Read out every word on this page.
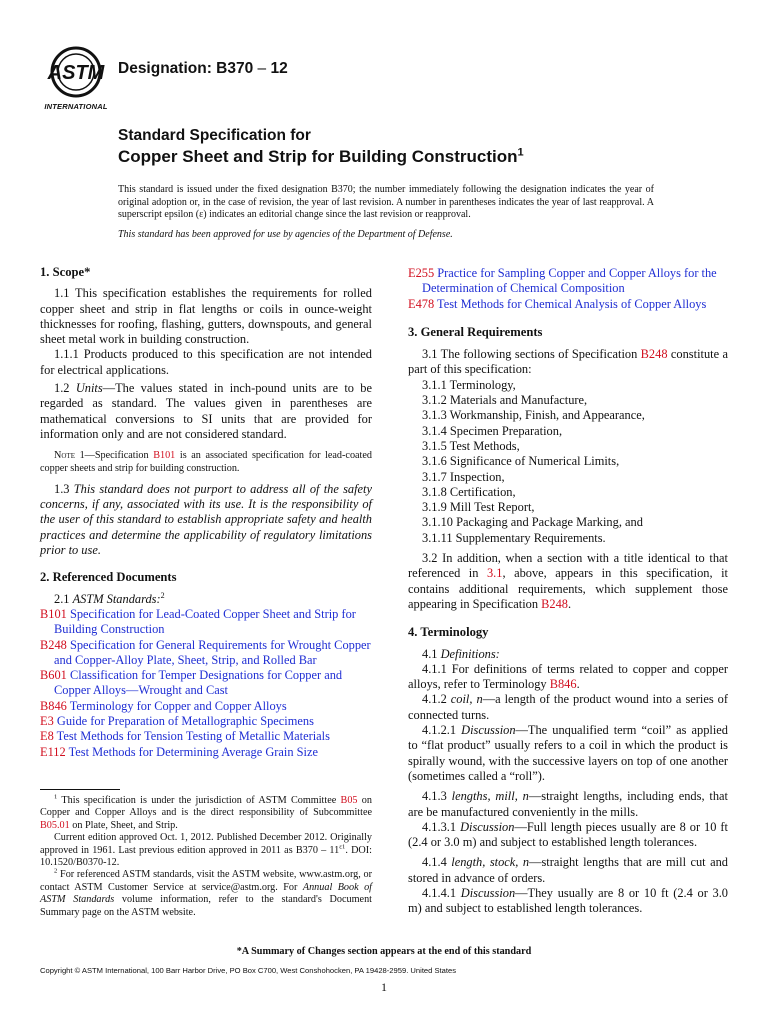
ASTM
INTERNATIONAL
Designation: B370 – 12
Standard Specification for
Copper Sheet and Strip for Building Construction$^1$

This standard is issued under the fixed designation B370; the number immediately following the designation indicates the year of original adoption or, in the case of revision, the year of last revision. A number in parentheses indicates the year of last reapproval. A superscript epsilon (ε) indicates an editorial change since the last revision or reapproval.

This standard has been approved for use by agencies of the Department of Defense.

1. Scope*

1.1 This specification establishes the requirements for rolled copper sheet and strip in flat lengths or coils in ounce-weight thicknesses for roofing, flashing, gutters, downspouts, and general sheet metal work in building construction.

1.1.1 Products produced to this specification are not intended for electrical applications.

1.2 Units—The values stated in inch-pound units are to be regarded as standard. The values given in parentheses are mathematical conversions to SI units that are provided for information only and are not considered standard.

Note 1—Specification B101 is an associated specification for lead-coated copper sheets and strip for building construction.

1.3 This standard does not purport to address all of the safety concerns, if any, associated with its use. It is the responsibility of the user of this standard to establish appropriate safety and health practices and determine the applicability of regulatory limitations prior to use.

2. Referenced Documents

2.1 ASTM Standards:$^2$

B101 Specification for Lead-Coated Copper Sheet and Strip for Building Construction

B248 Specification for General Requirements for Wrought Copper and Copper-Alloy Plate, Sheet, Strip, and Rolled Bar

B601 Classification for Temper Designations for Copper and Copper Alloys—Wrought and Cast

B846 Terminology for Copper and Copper Alloys

E3 Guide for Preparation of Metallographic Specimens

E8 Test Methods for Tension Testing of Metallic Materials

E112 Test Methods for Determining Average Grain Size

$^1$ This specification is under the jurisdiction of ASTM Committee B05 on Copper and Copper Alloys and is the direct responsibility of Subcommittee B05.01 on Plate, Sheet, and Strip.

Current edition approved Oct. 1, 2012. Published December 2012. Originally approved in 1961. Last previous edition approved in 2011 as $B370 - 11^{\varepsilon 1}$. DOI: 10.1520/B0370-12.

$^2$ For referenced ASTM standards, visit the ASTM website, www.astm.org, or contact ASTM Customer Service at service@astm.org. For Annual Book of ASTM Standards volume information, refer to the standard's Document Summary page on the ASTM website.

E255 Practice for Sampling Copper and Copper Alloys for the Determination of Chemical Composition

E478 Test Methods for Chemical Analysis of Copper Alloys

3. General Requirements

3.1 The following sections of Specification B248 constitute a part of this specification:

3.1.1 Terminology,

3.1.2 Materials and Manufacture,

3.1.3 Workmanship, Finish, and Appearance,

3.1.4 Specimen Preparation,

3.1.5 Test Methods,

3.1.6 Significance of Numerical Limits,

3.1.7 Inspection,

3.1.8 Certification,

3.1.9 Mill Test Report,

3.1.10 Packaging and Package Marking, and

3.1.11 Supplementary Requirements.

3.2 In addition, when a section with a title identical to that referenced in 3.1, above, appears in this specification, it contains additional requirements, which supplement those appearing in Specification B248.

4. Terminology

4.1 Definitions:

4.1.1 For definitions of terms related to copper and copper alloys, refer to Terminology B846.

4.1.2 coil, n—a length of the product wound into a series of connected turns.

4.1.2.1 Discussion—The unqualified term “coil” as applied to “flat product” usually refers to a coil in which the product is spirally wound, with the successive layers on top of one another (sometimes called a “roll”).

4.1.3 lengths, mill, n—straight lengths, including ends, that are be manufactured conveniently in the mills.

4.1.3.1 Discussion—Full length pieces usually are 8 or 10 ft (2.4 or 3.0 m) and subject to established length tolerances.

4.1.4 length, stock, n—straight lengths that are mill cut and stored in advance of orders.

4.1.4.1 Discussion—They usually are 8 or 10 ft (2.4 or 3.0 m) and subject to established length tolerances.

*A Summary of Changes section appears at the end of this standard
Copyright © ASTM International, 100 Barr Harbor Drive, PO Box C700, West Conshohocken, PA 19428-2959. United States
1
